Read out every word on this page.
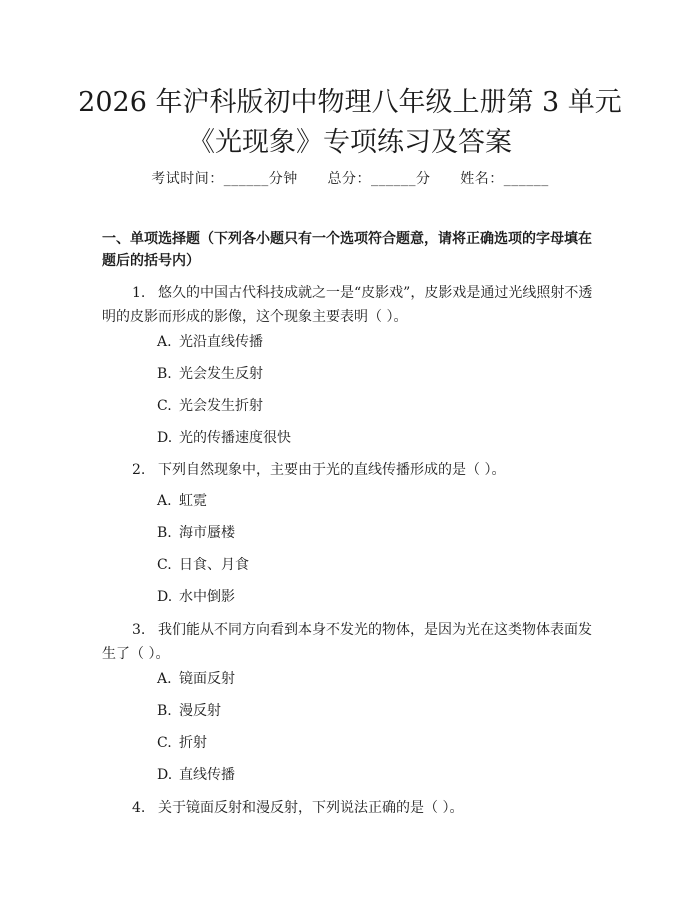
2026 年沪科版初中物理八年级上册第 3 单元
《光现象》专项练习及答案
考试时间：______分钟      总分：______分      姓名：______

一、单项选择题（下列各小题只有一个选项符合题意，请将正确选项的字母填在题后的括号内）

1. 悠久的中国古代科技成就之一是“皮影戏”，皮影戏是通过光线照射不透明的皮影而形成的影像，这个现象主要表明（ ）。

A. 光沿直线传播
B. 光会发生反射
C. 光会发生折射
D. 光的传播速度很快

2. 下列自然现象中，主要由于光的直线传播形成的是（ ）。

A. 虹霓
B. 海市蜃楼
C. 日食、月食
D. 水中倒影

3. 我们能从不同方向看到本身不发光的物体，是因为光在这类物体表面发生了（ ）。

A. 镜面反射
B. 漫反射
C. 折射
D. 直线传播

4. 关于镜面反射和漫反射，下列说法正确的是（ ）。
